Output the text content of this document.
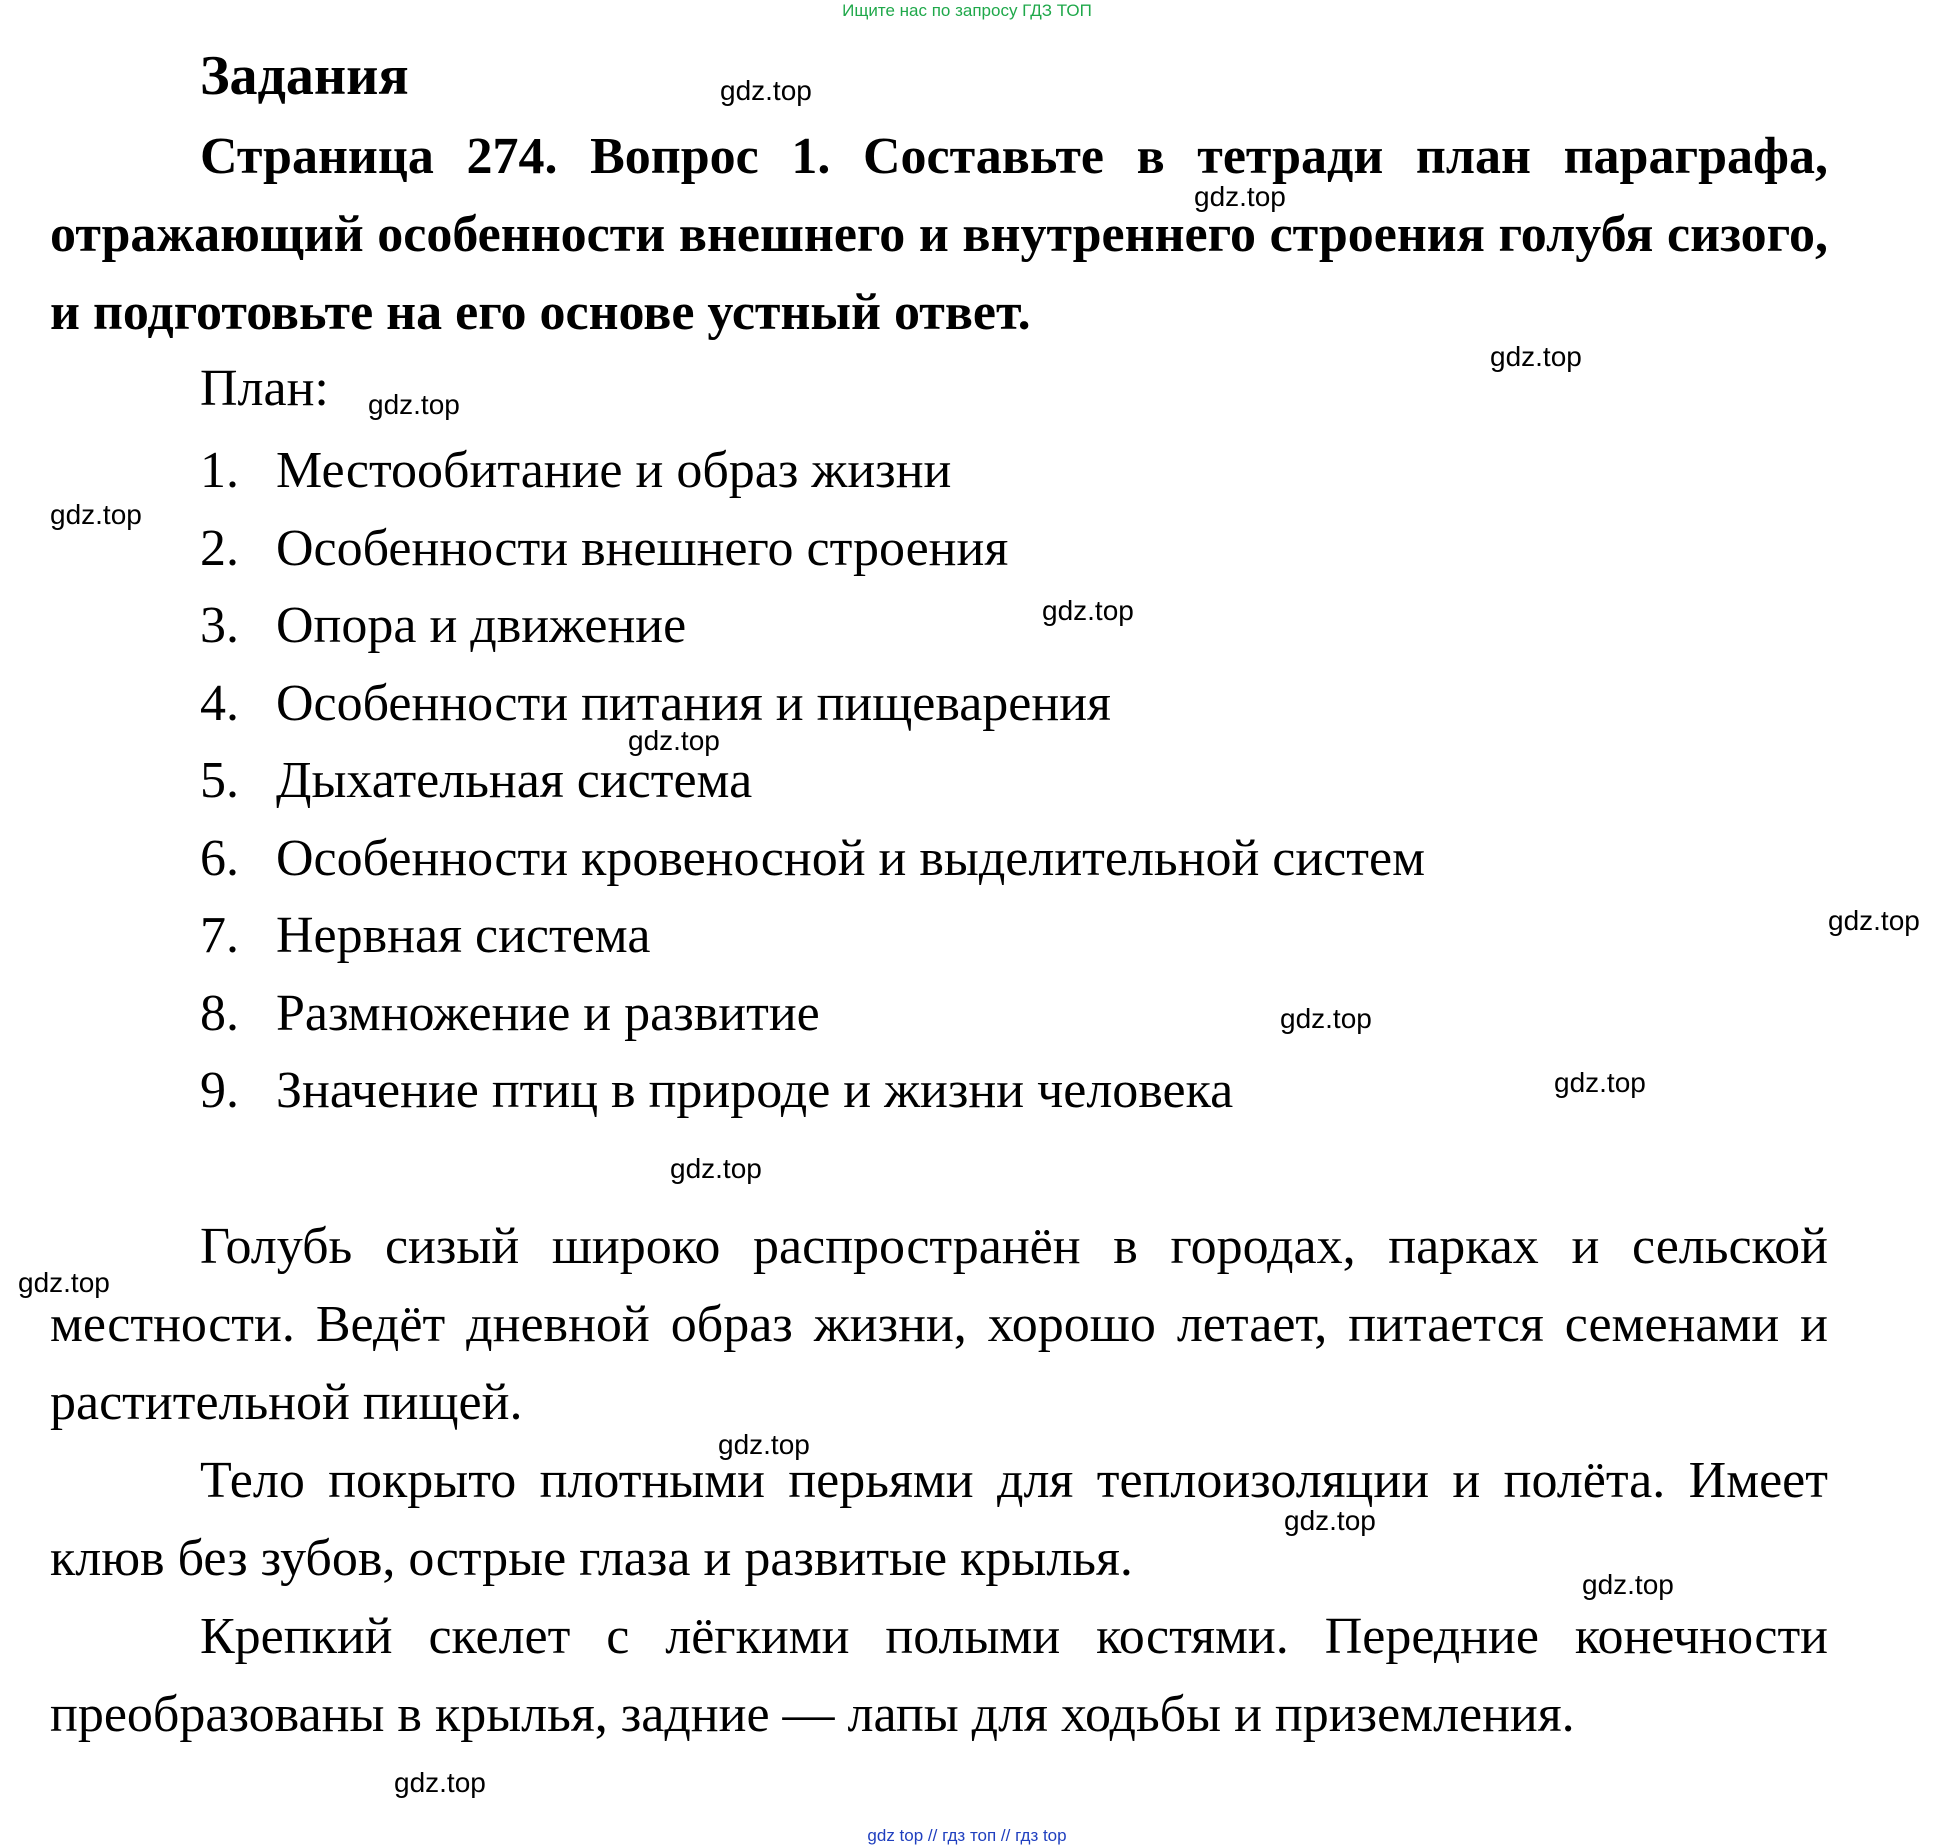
Ищите нас по запросу ГДЗ ТОП
Задания

Страница 274. Вопрос 1. Составьте в тетради план параграфа, отражающий особенности внешнего и внутреннего строения голубя сизого, и подготовьте на его основе устный ответ.

План:
1. Местообитание и образ жизни
2. Особенности внешнего строения
3. Опора и движение
4. Особенности питания и пищеварения
5. Дыхательная система
6. Особенности кровеносной и выделительной систем
7. Нервная система
8. Размножение и развитие
9. Значение птиц в природе и жизни человека

Голубь сизый широко распространён в городах, парках и сельской местности. Ведёт дневной образ жизни, хорошо летает, питается семенами и растительной пищей.

Тело покрыто плотными перьями для теплоизоляции и полёта. Имеет клюв без зубов, острые глаза и развитые крылья.

Крепкий скелет с лёгкими полыми костями. Передние конечности преобразованы в крылья, задние — лапы для ходьбы и приземления.

gdz.top
gdz.top
gdz.top
gdz.top
gdz.top
gdz.top
gdz.top
gdz.top
gdz.top
gdz.top
gdz.top
gdz.top
gdz.top
gdz.top
gdz.top
gdz.top
gdz top // гдз топ // гдз top
